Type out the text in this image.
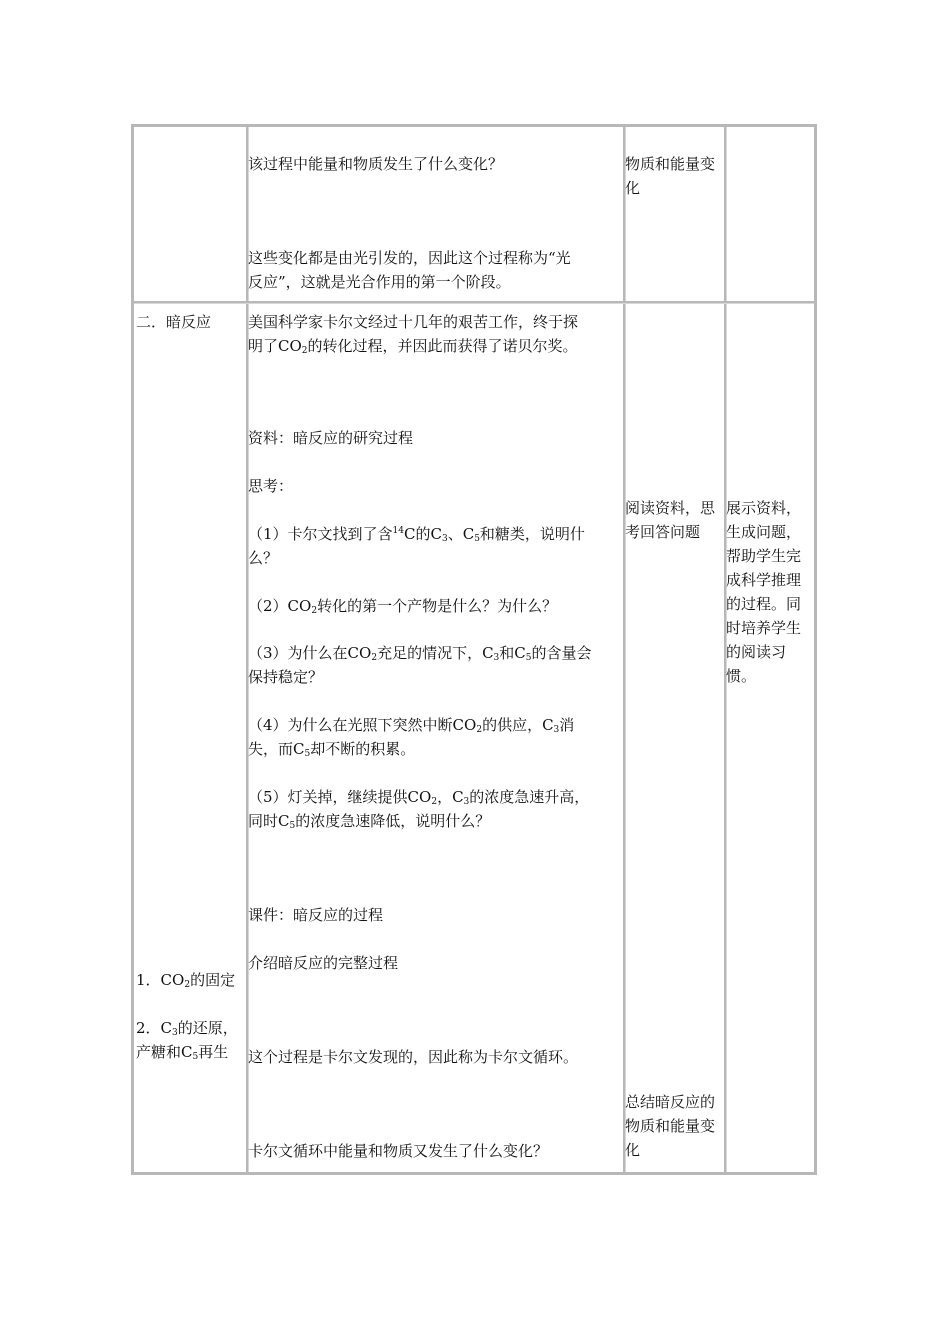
该过程中能量和物质发生了什么变化？
这些变化都是由光引发的，因此这个过程称为“光
反应”，这就是光合作用的第一个阶段。
物质和能量变
化
二．暗反应
1．$CO_2$的固定
2．$C_3$的还原，
产糖和$C_5$再生
美国科学家卡尔文经过十几年的艰苦工作，终于探
明了$CO_2$的转化过程，并因此而获得了诺贝尔奖。
资料：暗反应的研究过程
思考：
（1）卡尔文找到了含$^{14}$C的$C_3$、$C_5$和糖类，说明什
么？
$(2)CO_2$转化的第一个产物是什么？为什么？
（3）为什么在$CO_2$充足的情况下，$C_3$和$C_5$的含量会
保持稳定？
（4）为什么在光照下突然中断$CO_2$的供应，$C_3$消
失，而$C_5$却不断的积累。
（5）灯关掉，继续提供$CO_2$，$C_3$的浓度急速升高，
同时$C_5$的浓度急速降低，说明什么？
课件：暗反应的过程
介绍暗反应的完整过程
这个过程是卡尔文发现的，因此称为卡尔文循环。
卡尔文循环中能量和物质又发生了什么变化？
阅读资料，思
考回答问题
总结暗反应的
物质和能量变
化
展示资料，
生成问题，
帮助学生完
成科学推理
的过程。同
时培养学生
的阅读习
惯。
